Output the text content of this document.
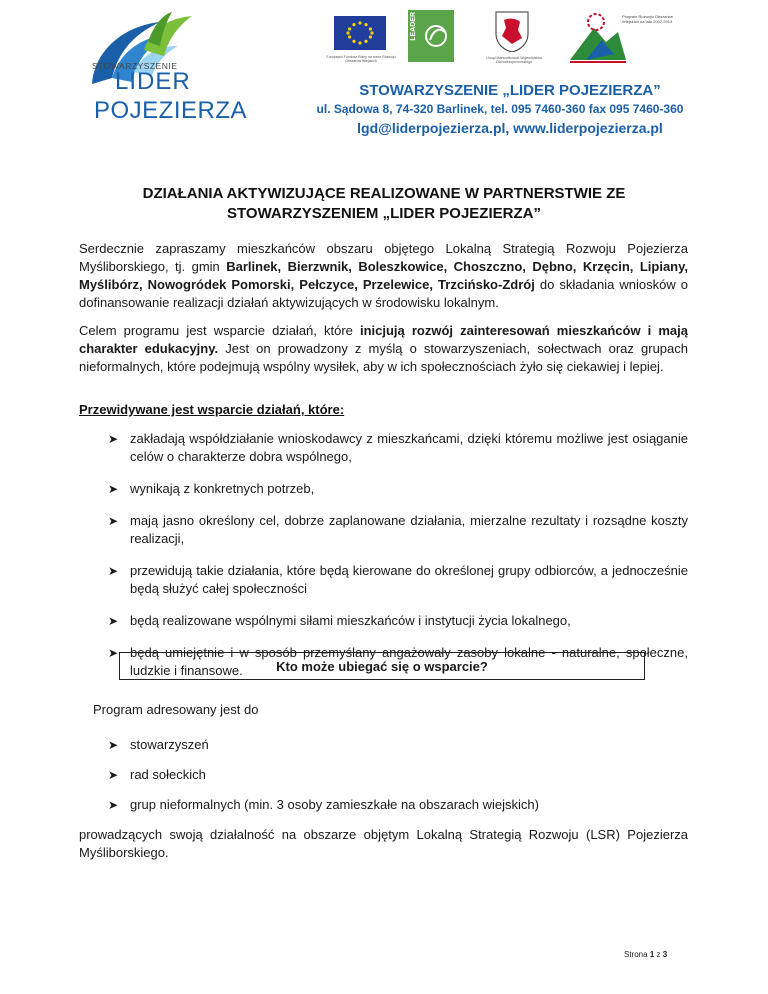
STOWARZYSZENIE
LIDER
POJEZIERZA
Europejski Fundusz Rolny na rzecz Rozwoju Obszarów Wiejskich
LEADER
Urząd Marszałkowski Województwa Zachodniopomorskiego
Program Rozwoju Obszarów Wiejskich na lata 2007-2013
STOWARZYSZENIE „LIDER POJEZIERZA”
ul. Sądowa 8, 74-320 Barlinek, tel. 095 7460-360 fax 095 7460-360
lgd@liderpojezierza.pl, www.liderpojezierza.pl
DZIAŁANIA AKTYWIZUJĄCE REALIZOWANE W PARTNERSTWIE ZE
STOWARZYSZENIEM „LIDER POJEZIERZA”
Serdecznie zapraszamy mieszkańców obszaru objętego Lokalną Strategią Rozwoju Pojezierza Myśliborskiego, tj. gmin Barlinek, Bierzwnik, Boleszkowice, Choszczno, Dębno, Krzęcin, Lipiany, Myślibórz, Nowogródek Pomorski, Pełczyce, Przelewice, Trzcińsko-Zdrój do składania wniosków o dofinansowanie realizacji działań aktywizujących w środowisku lokalnym.
Celem programu jest wsparcie działań, które inicjują rozwój zainteresowań mieszkańców i mają charakter edukacyjny. Jest on prowadzony z myślą o stowarzyszeniach, sołectwach oraz grupach nieformalnych, które podejmują wspólny wysiłek, aby w ich społecznościach żyło się ciekawiej i lepiej.
Przewidywane jest wsparcie działań, które:
➤ zakładają współdziałanie wnioskodawcy z mieszkańcami, dzięki któremu możliwe jest osiąganie celów o charakterze dobra wspólnego,
➤ wynikają z konkretnych potrzeb,
➤ mają jasno określony cel, dobrze zaplanowane działania, mierzalne rezultaty i rozsądne koszty realizacji,
➤ przewidują takie działania, które będą kierowane do określonej grupy odbiorców, a jednocześnie będą służyć całej społeczności
➤ będą realizowane wspólnymi siłami mieszkańców i instytucji życia lokalnego,
➤ będą umiejętnie i w sposób przemyślany angażowały zasoby lokalne - naturalne, społeczne, ludzkie i finansowe.	Kto może ubiegać się o wsparcie?
Program adresowany jest do
➤ stowarzyszeń
➤ rad sołeckich
➤ grup nieformalnych (min. 3 osoby zamieszkałe na obszarach wiejskich)
prowadzących swoją działalność na obszarze objętym Lokalną Strategią Rozwoju (LSR) Pojezierza Myśliborskiego.
Strona 1 z 3
